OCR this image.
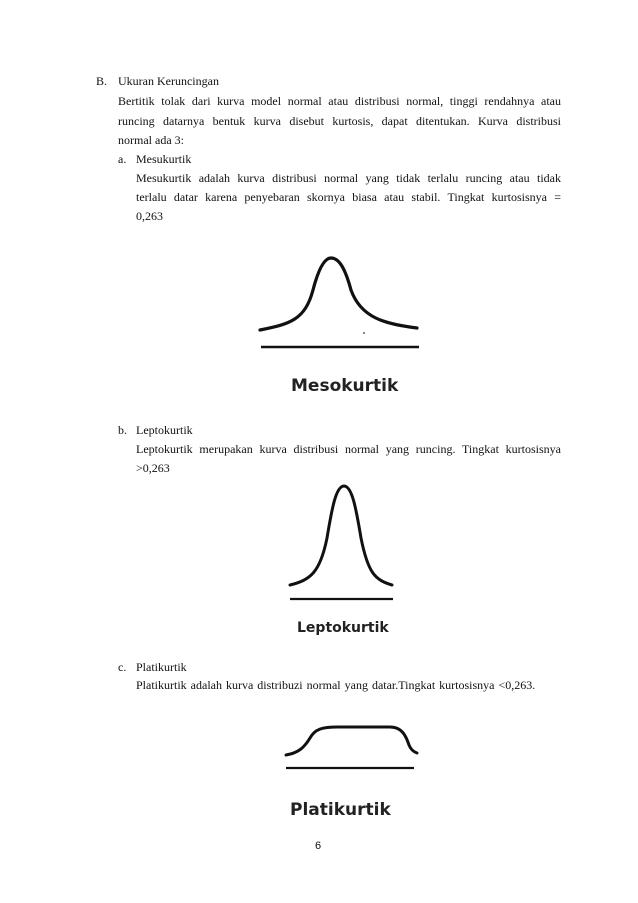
B. Ukuran Keruncingan
Bertitik tolak dari kurva model normal atau distribusi normal, tinggi rendahnya atau
runcing datarnya bentuk kurva disebut kurtosis, dapat ditentukan. Kurva distribusi
normal ada 3:
a. Mesukurtik
Mesukurtik adalah kurva distribusi normal yang tidak terlalu runcing atau tidak
terlalu datar karena penyebaran skornya biasa atau stabil. Tingkat kurtosisnya =
0,263
Mesokurtik
b. Leptokurtik
Leptokurtik merupakan kurva distribusi normal yang runcing. Tingkat kurtosisnya
>0,263
Leptokurtik
c. Platikurtik
Platikurtik adalah kurva distribuzi normal yang datar.Tingkat kurtosisnya <0,263.
Platikurtik
6
